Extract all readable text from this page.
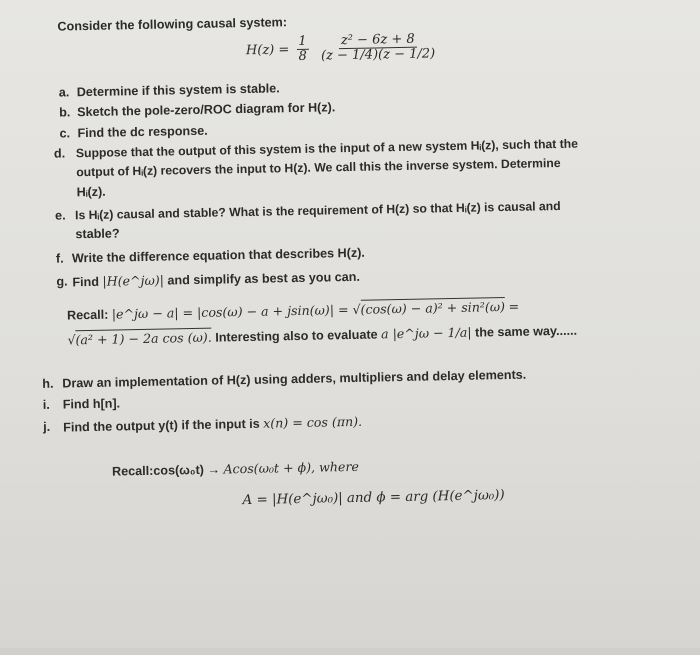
Consider the following causal system:
$H(z) = \frac{1}{8}$
$\frac{\text{z² − 6z + 8}}{(z - 1/4)(z - 1/2)}$
a. Determine if this system is stable.
b. Sketch the pole-zero/ROC diagram for H(z).
c. Find the dc response.
d. Suppose that the output of this system is the input of a new system Hᵢ(z), such that the
output of Hᵢ(z) recovers the input to H(z). We call this the inverse system. Determine
Hᵢ(z).
e. Is Hᵢ(z) causal and stable? What is the requirement of H(z) so that Hᵢ(z) is causal and
stable?
f. Write the difference equation that describes H(z).
g. Find |H(e^jω)| and simplify as best as you can.
Recall: |e^jω − a| = |cos(ω) − a + jsin(ω)| = √(cos(ω) − a)² + sin²(ω) =
√(a² + 1) − 2a cos (ω). Interesting also to evaluate a |e^jω − 1/a| the same way......
h. Draw an implementation of H(z) using adders, multipliers and delay elements.
i. Find h[n].
j. Find the output y(t) if the input is x(n) = cos (πn).
Recall:cos(ω₀t) → Acos(ω₀t + ϕ), where
A = |H(e^jω₀)| and ϕ = arg (H(e^jω₀))
